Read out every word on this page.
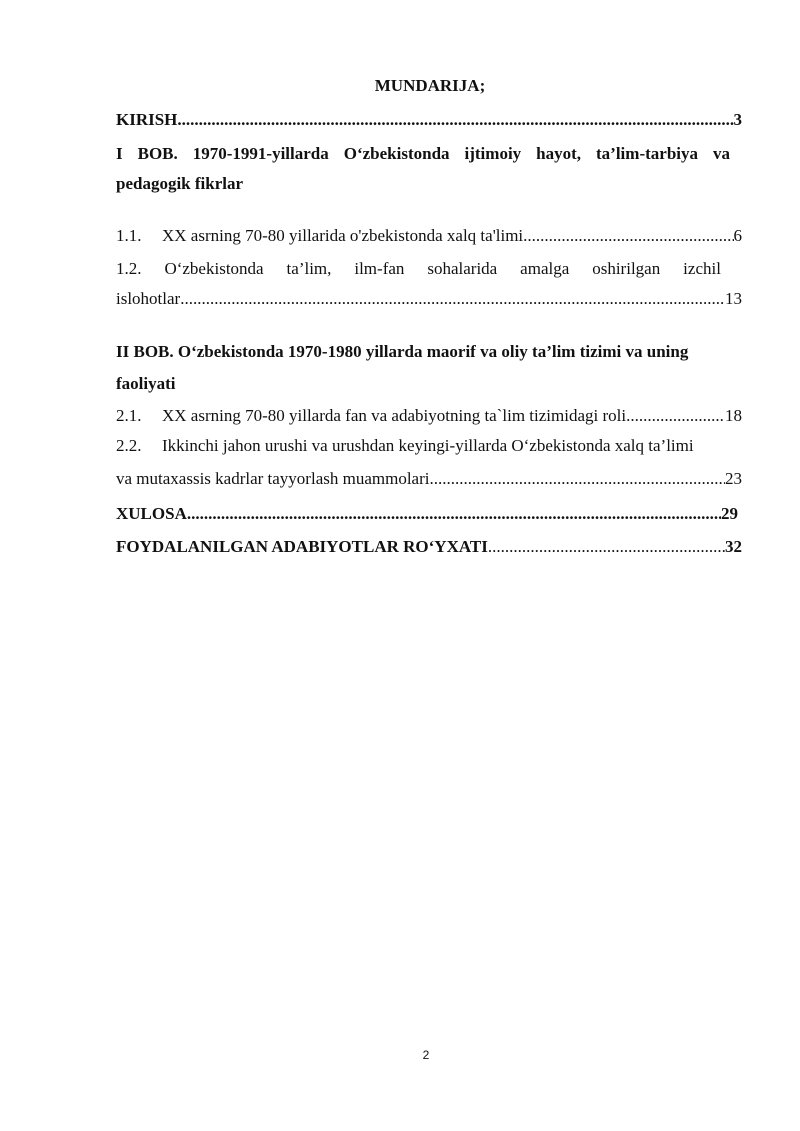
MUNDARIJA;
KIRISH .....	3
I BOB. 1970-1991-yillarda O‘zbekistonda ijtimoiy hayot, ta’lim-tarbiya va
pedagogik fikrlar
1.1.	XX asrning 70-80 yillarida o'zbekistonda xalq ta'limi .....	6
1.2. O‘zbekistonda ta’lim, ilm-fan sohalarida amalga oshirilgan izchil
islohotlar .....	13
II BOB. O‘zbekistonda 1970-1980 yillarda maorif va oliy ta’lim tizimi va uning
faoliyati
2.1.	XX asrning 70-80 yillarda fan va adabiyotning ta`lim tizimidagi roli .....	18
2.2. Ikkinchi jahon urushi va urushdan keyingi-yillarda O‘zbekistonda xalq ta’limi
va mutaxassis kadrlar tayyorlash muammolari .....	23
XULOSA .....	29
FOYDALANILGAN ADABIYOTLAR RO‘YXATI .....	32
2
